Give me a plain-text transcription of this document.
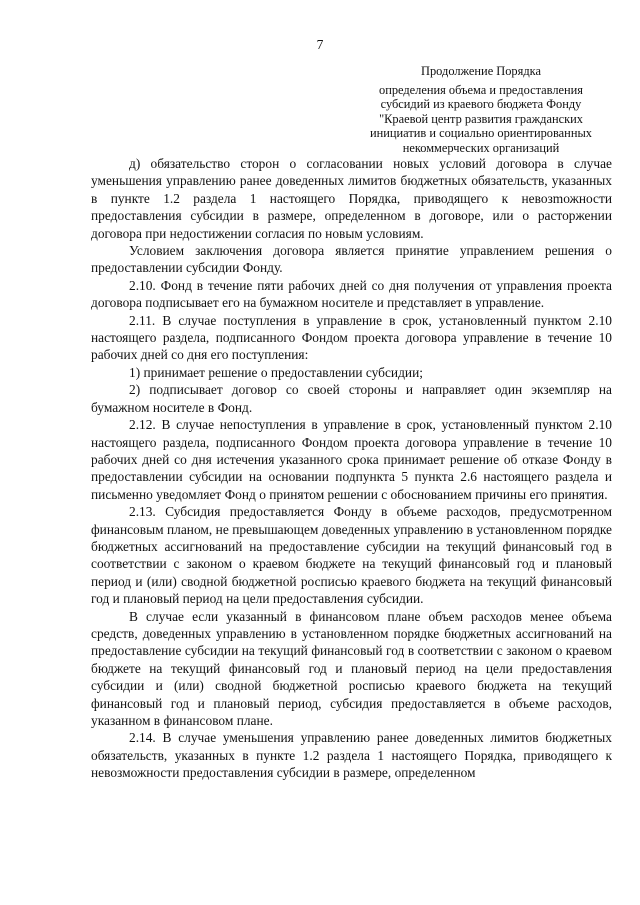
7
Продолжение Порядка
определения объема и предоставления
субсидий из краевого бюджета Фонду
"Краевой центр развития гражданских
инициатив и социально ориентированных
некоммерческих организаций

д) обязательство сторон о согласовании новых условий договора в случае уменьшения управлению ранее доведенных лимитов бюджетных обязательств, указанных в пункте 1.2 раздела 1 настоящего Порядка, приводящего к невозmожности предоставления субсидии в размере, определенном в договоре, или о расторжении договора при недостижении согласия по новым условиям.

Условием заключения договора является принятие управлением решения о предоставлении субсидии Фонду.

2.10. Фонд в течение пяти рабочих дней со дня получения от управления проекта договора подписывает его на бумажном носителе и представляет в управление.

2.11. В случае поступления в управление в срок, установленный пунктом 2.10 настоящего раздела, подписанного Фондом проекта договора управление в течение 10 рабочих дней со дня его поступления:

1) принимает решение о предоставлении субсидии;

2) подписывает договор со своей стороны и направляет один экземпляр на бумажном носителе в Фонд.

2.12. В случае непоступления в управление в срок, установленный пунктом 2.10 настоящего раздела, подписанного Фондом проекта договора управление в течение 10 рабочих дней со дня истечения указанного срока принимает решение об отказе Фонду в предоставлении субсидии на основании подпункта 5 пункта 2.6 настоящего раздела и письменно уведомляет Фонд о принятом решении с обоснованием причины его принятия.

2.13. Субсидия предоставляется Фонду в объеме расходов, предусмотренном финансовым планом, не превышающем доведенных управлению в установленном порядке бюджетных ассигнований на предоставление субсидии на текущий финансовый год в соответствии с законом о краевом бюджете на текущий финансовый год и плановый период и (или) сводной бюджетной росписью краевого бюджета на текущий финансовый год и плановый период на цели предоставления субсидии.

В случае если указанный в финансовом плане объем расходов менее объема средств, доведенных управлению в установленном порядке бюджетных ассигнований на предоставление субсидии на текущий финансовый год в соответствии с законом о краевом бюджете на текущий финансовый год и плановый период на цели предоставления субсидии и (или) сводной бюджетной росписью краевого бюджета на текущий финансовый год и плановый период, субсидия предоставляется в объеме расходов, указанном в финансовом плане.

2.14. В случае уменьшения управлению ранее доведенных лимитов бюджетных обязательств, указанных в пункте 1.2 раздела 1 настоящего Порядка, приводящего к невозможности предоставления субсидии в размере, определенном
